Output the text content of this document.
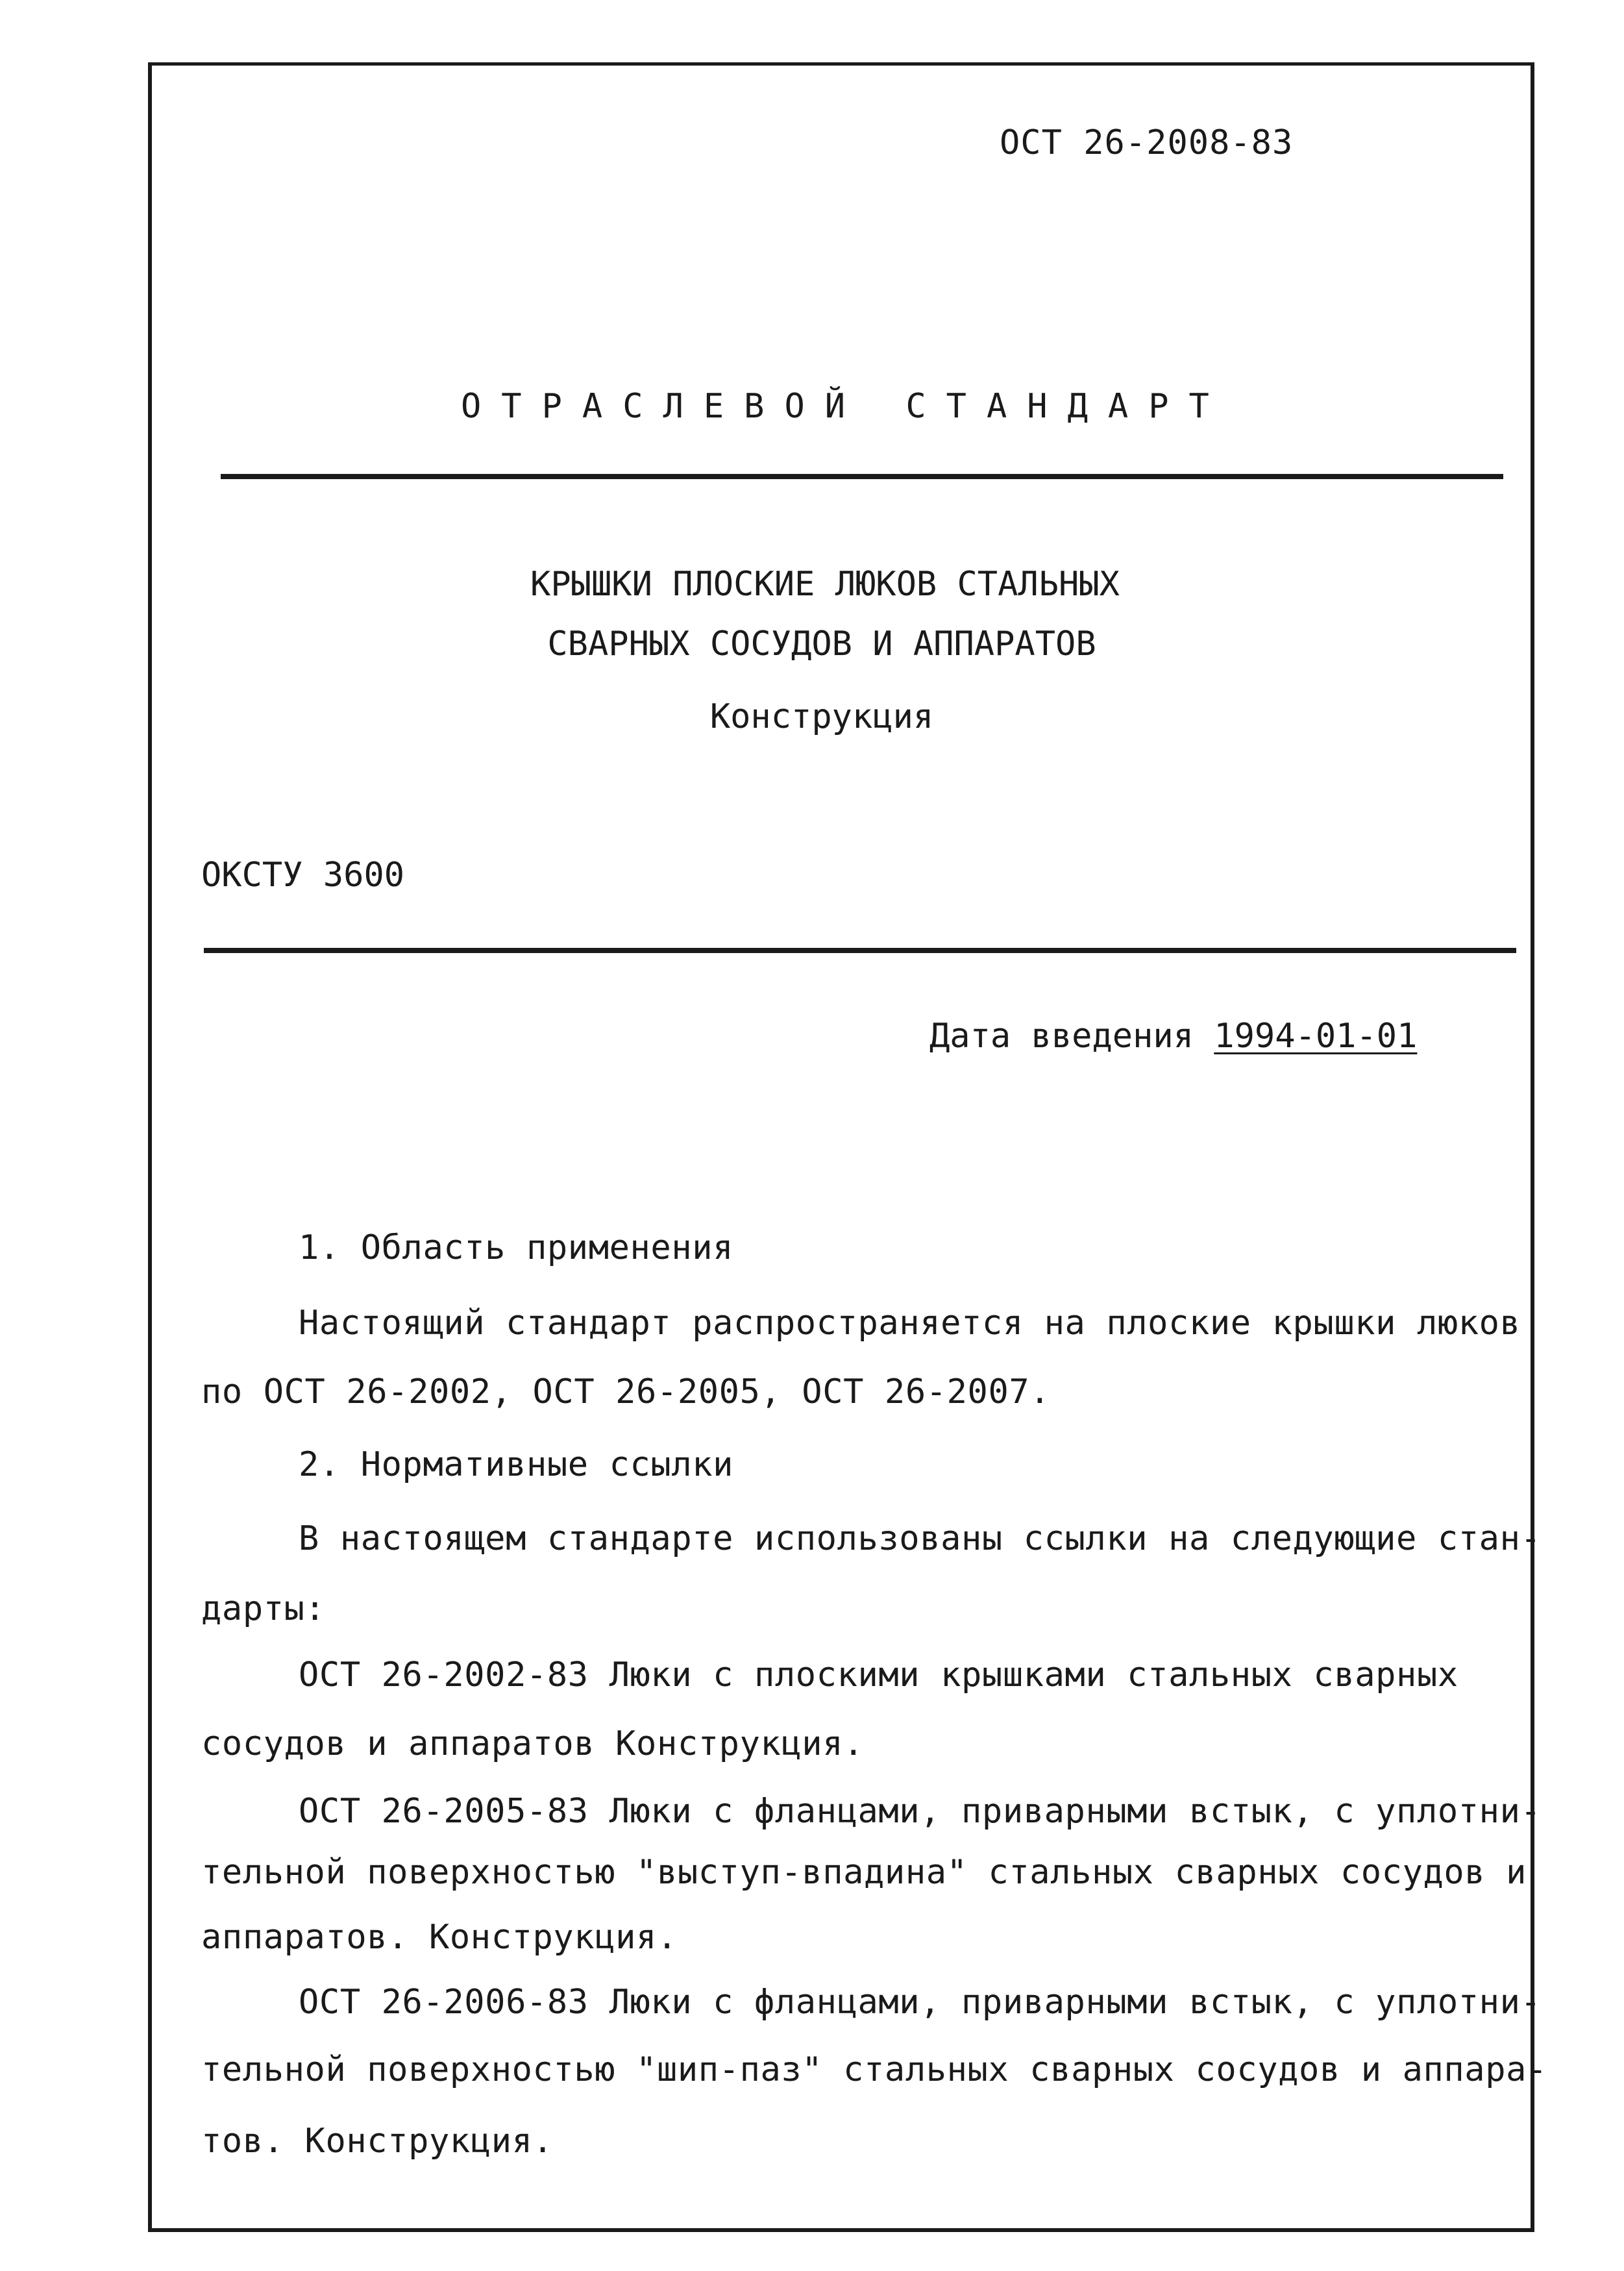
ОСТ 26-2008-83
ОТРАСЛЕВОЙ СТАНДАРТ
КРЫШКИ ПЛОСКИЕ ЛЮКОВ СТАЛЬНЫХ
СВАРНЫХ СОСУДОВ И АППАРАТОВ
Конструкция
ОКСТУ 3600
Дата введения 1994-01-01
1. Область применения
Настоящий стандарт распространяется на плоские крышки люков
по ОСТ 26-2002, ОСТ 26-2005, ОСТ 26-2007.
2. Нормативные ссылки
В настоящем стандарте использованы ссылки на следующие стан-
дарты:
ОСТ 26-2002-83 Люки с плоскими крышками стальных сварных
сосудов и аппаратов Конструкция.
ОСТ 26-2005-83 Люки с фланцами, приварными встык, с уплотни-
тельной поверхностью "выступ-впадина" стальных сварных сосудов и
аппаратов. Конструкция.
ОСТ 26-2006-83 Люки с фланцами, приварными встык, с уплотни-
тельной поверхностью "шип-паз" стальных сварных сосудов и аппара-
тов. Конструкция.
